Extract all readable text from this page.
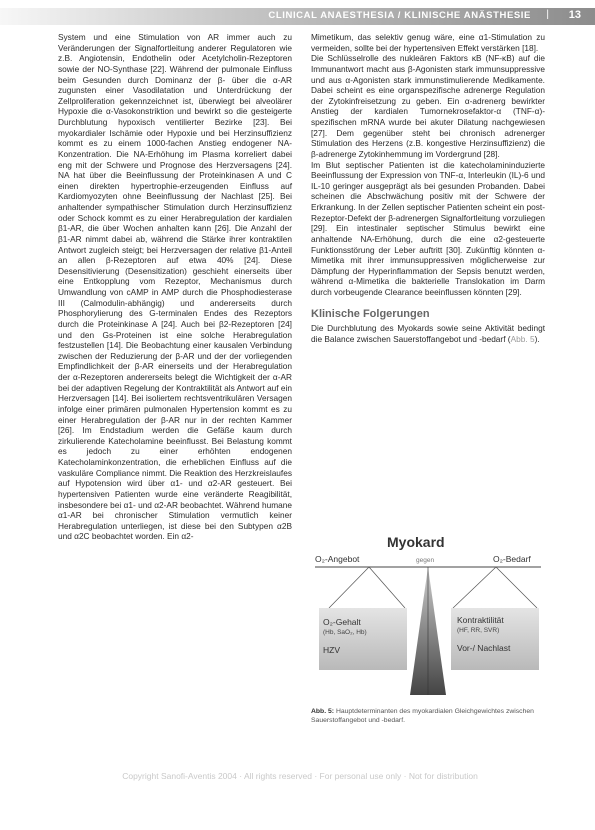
CLINICAL ANAESTHESIA / KLINISCHE ANÄSTHESIE | 13

System und eine Stimulation von AR immer auch zu Veränderungen der Signalfortleitung anderer Regulatoren wie z.B. Angiotensin, Endothelin oder Acetylcholin-Rezeptoren sowie der NO-Synthase [22]. Während der pulmonale Einfluss beim Gesunden durch Dominanz der β- über die α-AR zugunsten einer Vasodilatation und Unterdrückung der Zellproliferation gekennzeichnet ist, überwiegt bei alveolärer Hypoxie die α-Vasokonstriktion und bewirkt so die gesteigerte Durchblutung hypoxisch ventilierter Bezirke [23]. Bei myokardialer Ischämie oder Hypoxie und bei Herzinsuffizienz kommt es zu einem 1000-fachen Anstieg endogener NA-Konzentration. Die NA-Erhöhung im Plasma korreliert dabei eng mit der Schwere und Prognose des Herzversagens [24]. NA hat über die Beeinflussung der Proteinkinasen A und C einen direkten hypertrophie-erzeugenden Einfluss auf Kardiomyozyten ohne Beeinflussung der Nachlast [25]. Bei anhaltender sympathischer Stimulation durch Herzinsuffizienz oder Schock kommt es zu einer Herabregulation der kardialen β1-AR, die über Wochen anhalten kann [26]. Die Anzahl der β1-AR nimmt dabei ab, während die Stärke ihrer kontraktilen Antwort zugleich steigt; bei Herzversagen der relative β1-Anteil an allen β-Rezeptoren auf etwa 40% [24]. Diese Desensitivierung (Desensitization) geschieht einerseits über eine Entkopplung vom Rezeptor, Mechanismus durch Umwandlung von cAMP in AMP durch die Phosphodiesterase III (Calmodulin-abhängig) und andererseits durch Phosphorylierung des G-terminalen Endes des Rezeptors durch die Proteinkinase A [24]. Auch bei β2-Rezeptoren [24] und den Gs-Proteinen ist eine solche Herabregulation festzustellen [14]. Die Beobachtung einer kausalen Verbindung zwischen der Reduzierung der β-AR und der der vorliegenden Empfindlichkeit der β-AR einerseits und der Herabregulation der α-Rezeptoren andererseits belegt die Wichtigkeit der α-AR bei der adaptiven Regelung der Kontraktilität als Antwort auf ein Herzversagen [14]. Bei isoliertem rechtsventrikulären Versagen infolge einer primären pulmonalen Hypertension kommt es zu einer Herabregulation der β-AR nur in der rechten Kammer [26]. Im Endstadium werden die Gefäße kaum durch zirkulierende Katecholamine beeinflusst. Bei Belastung kommt es jedoch zu einer erhöhten endogenen Katecholaminkonzentration, die erheblichen Einfluss auf die vaskuläre Compliance nimmt. Die Reaktion des Herzkreislaufes auf Hypotension wird über α1- und α2-AR gesteuert. Bei hypertensiven Patienten wurde eine veränderte Reagibilität, insbesondere bei α1- und α2-AR beobachtet. Während humane α1-AR bei chronischer Stimulation vermutlich keiner Herabregulation unterliegen, ist diese bei den Subtypen α2B und α2C beobachtet worden. Ein α2-

Mimetikum, das selektiv genug wäre, eine α1-Stimulation zu vermeiden, sollte bei der hypertensiven Effekt verstärken [18].

Die Schlüsselrolle des nukleären Faktors κB (NF-κB) auf die Immunantwort macht aus β-Agonisten stark immunsuppressive und aus α-Agonisten stark immunstimulierende Medikamente. Dabei scheint es eine organspezifische adrenerge Regulation der Zytokinfreisetzung zu geben. Ein α-adrenerg bewirkter Anstieg der kardialen Tumornekrosefaktor-α (TNF-α)-spezifischen mRNA wurde bei akuter Dilatung nachgewiesen [27]. Dem gegenüber steht bei chronisch adrenerger Stimulation des Herzens (z.B. kongestive Herzinsuffizienz) die β-adrenerge Zytokinhemmung im Vordergrund [28].

Im Blut septischer Patienten ist die katecholamininduzierte Beeinflussung der Expression von TNF-α, Interleukin (IL)-6 und IL-10 geringer ausgeprägt als bei gesunden Probanden. Dabei scheinen die Abschwächung positiv mit der Schwere der Erkrankung. In der Zellen septischer Patienten scheint ein post-Rezeptor-Defekt der β-adrenergen Signalfortleitung vorzuliegen [29]. Ein intestinaler septischer Stimulus bewirkt eine anhaltende NA-Erhöhung, durch die eine α2-gesteuerte Funktionsstörung der Leber auftritt [30]. Zukünftig könnten α-Mimetika mit ihrer immunsuppressiven möglicherweise zur Dämpfung der Hyperinflammation der Sepsis benutzt werden, während α-Mimetika die bakterielle Translokation im Darm durch vorbeugende Clearance beeinflussen könnten [29].

Klinische Folgerungen

Die Durchblutung des Myokards sowie seine Aktivität bedingt die Balance zwischen Sauerstoffangebot und -bedarf (Abb. 5).

Myokard
O₂-Angebot	gegen	O₂-Bedarf
O₂-Gehalt
(Hb, SaO₂, Hb)
HZV
Kontraktilität
(HF, RR, SVR)
Vor-/ Nachlast
Abb. 5: Hauptdeterminanten des myokardialen Gleichgewichtes zwischen Sauerstoffangebot und -bedarf.
Copyright Sanofi-Aventis 2004 · All rights reserved · For personal use only · Not for distribution
